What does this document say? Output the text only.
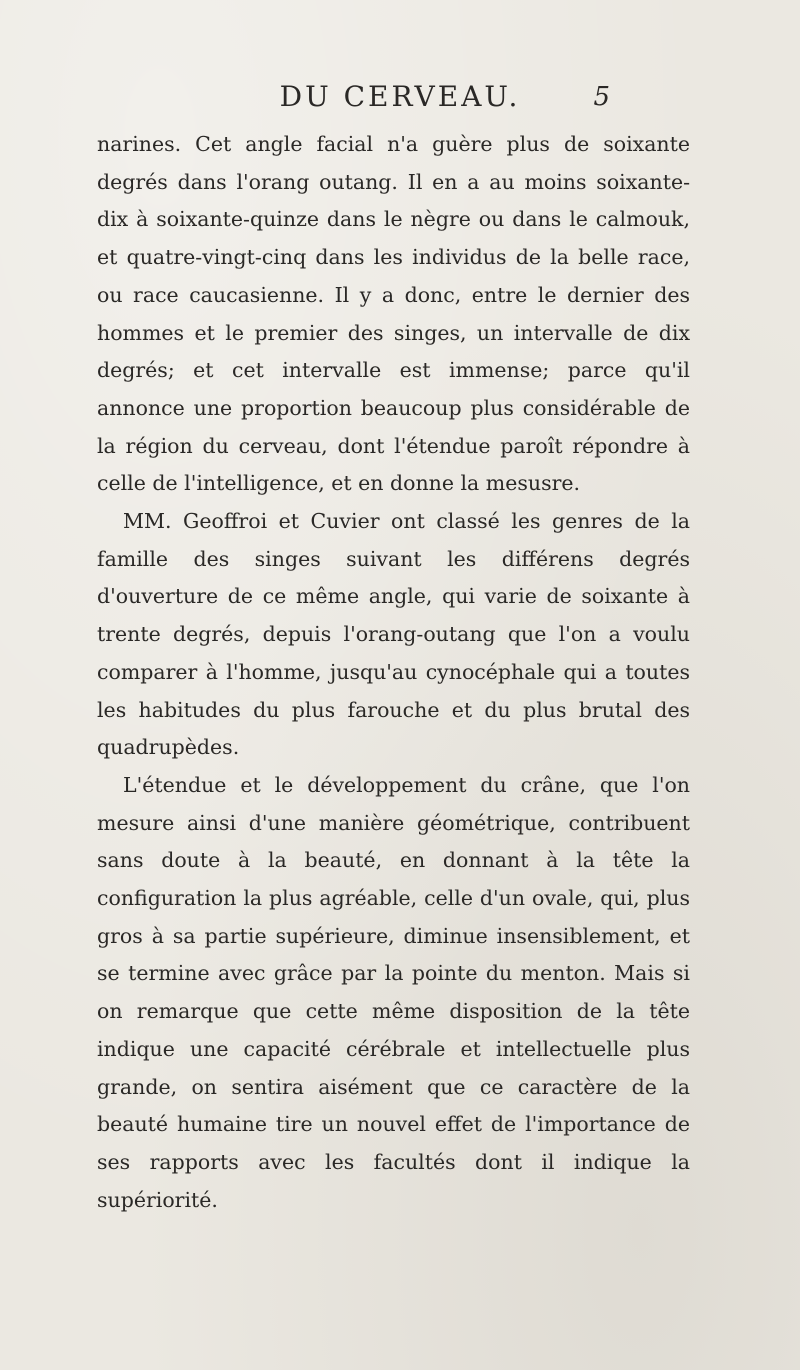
DU CERVEAU.	5

narines. Cet angle facial n'a guère plus de soixante degrés dans l'orang outang. Il en a au moins soixante-dix à soixante-quinze dans le nègre ou dans le calmouk, et quatre-vingt-cinq dans les individus de la belle race, ou race caucasienne. Il y a donc, entre le dernier des hommes et le premier des singes, un intervalle de dix degrés; et cet intervalle est immense; parce qu'il annonce une proportion beaucoup plus considérable de la région du cerveau, dont l'étendue paroît répondre à celle de l'intelligence, et en donne la mesusre.

MM. Geoffroi et Cuvier ont classé les genres de la famille des singes suivant les différens degrés d'ouverture de ce même angle, qui varie de soixante à trente degrés, depuis l'orang-outang que l'on a voulu comparer à l'homme, jusqu'au cynocéphale qui a toutes les habitudes du plus farouche et du plus brutal des quadrupèdes.

L'étendue et le développement du crâne, que l'on mesure ainsi d'une manière géométrique, contribuent sans doute à la beauté, en donnant à la tête la configuration la plus agréable, celle d'un ovale, qui, plus gros à sa partie supérieure, diminue insensiblement, et se termine avec grâce par la pointe du menton. Mais si on remarque que cette même disposition de la tête indique une capacité cérébrale et intellectuelle plus grande, on sentira aisément que ce caractère de la beauté humaine tire un nouvel effet de l'importance de ses rapports avec les facultés dont il indique la supériorité.
